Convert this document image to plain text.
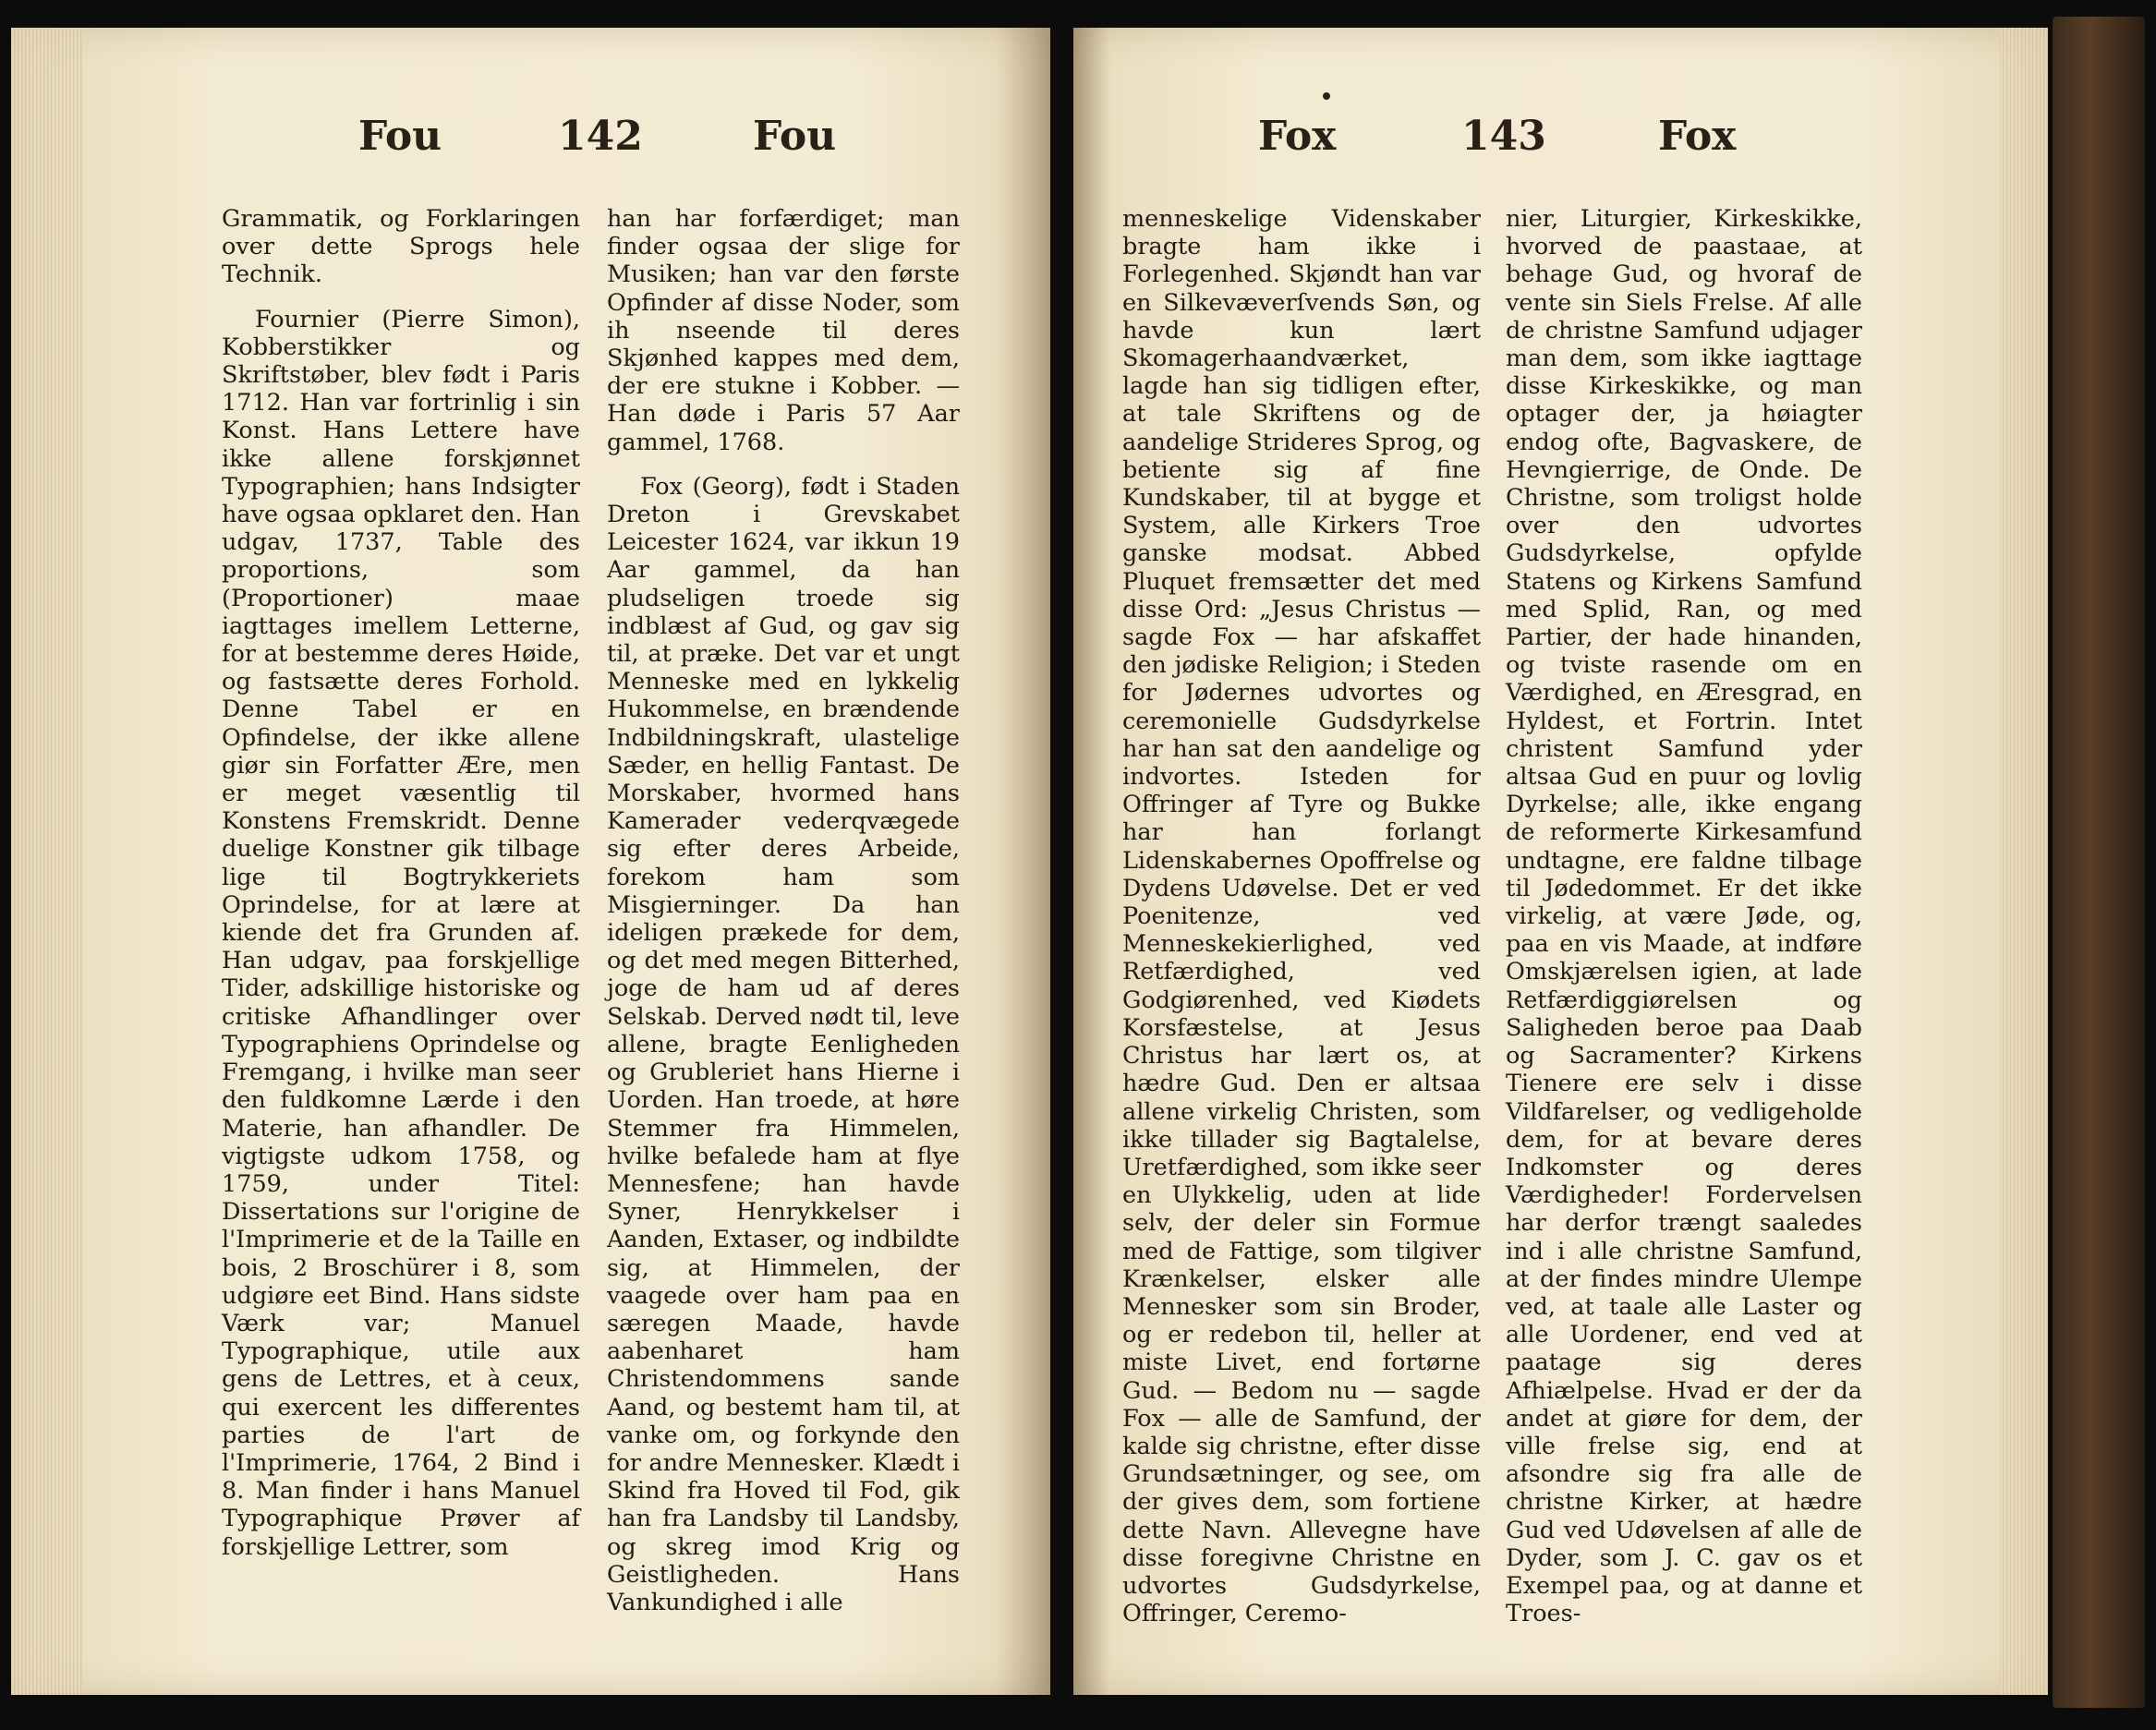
Fou	142	Fou	Fox	143	Fox

Grammatik, og Forklaringen over dette Sprogs hele Technik.

Fournier (Pierre Simon), Kobberstikker og Skriftstøber, blev født i Paris 1712. Han var fortrinlig i sin Konst. Hans Lettere have ikke allene forskjønnet Typographien; hans Indsigter have ogsaa opklaret den. Han udgav, 1737, Table des proportions, som (Proportioner) maae iagttages imellem Letterne, for at bestemme deres Høide, og fastsætte deres Forhold. Denne Tabel er en Opfindelse, der ikke allene giør sin Forfatter Ære, men er meget væsentlig til Konstens Fremskridt. Denne duelige Konstner gik tilbage lige til Bogtrykkeriets Oprindelse, for at lære at kiende det fra Grunden af. Han udgav, paa forskjellige Tider, adskillige historiske og critiske Afhandlinger over Typographiens Oprindelse og Fremgang, i hvilke man seer den fuldkomne Lærde i den Materie, han afhandler. De vigtigste udkom 1758, og 1759, under Titel: Dissertations sur l'origine de l'Imprimerie et de la Taille en bois, 2 Broschürer i 8, som udgiøre eet Bind. Hans sidste Værk var; Manuel Typographique, utile aux gens de Lettres, et à ceux, qui exercent les differentes parties de l'art de l'Imprimerie, 1764, 2 Bind i 8. Man finder i hans Manuel Typographique Prøver af forskjellige Lettrer, som

han har forfærdiget; man finder ogsaa der slige for Musiken; han var den første Opfinder af disse Noder, som ih nseende til deres Skjønhed kappes med dem, der ere stukne i Kobber. — Han døde i Paris 57 Aar gammel, 1768.

Fox (Georg), født i Staden Dreton i Grevskabet Leicester 1624, var ikkun 19 Aar gammel, da han pludseligen troede sig indblæst af Gud, og gav sig til, at præke. Det var et ungt Menneske med en lykkelig Hukommelse, en brændende Indbildningskraft, ulastelige Sæder, en hellig Fantast. De Morskaber, hvormed hans Kamerader vederqvægede sig efter deres Arbeide, forekom ham som Misgierninger. Da han ideligen prækede for dem, og det med megen Bitterhed, joge de ham ud af deres Selskab. Derved nødt til, leve allene, bragte Eenligheden og Grubleriet hans Hierne i Uorden. Han troede, at høre Stemmer fra Himmelen, hvilke befalede ham at flye Mennesfene; han havde Syner, Henrykkelser i Aanden, Extaser, og indbildte sig, at Himmelen, der vaagede over ham paa en særegen Maade, havde aabenharet ham Christendommens sande Aand, og bestemt ham til, at vanke om, og forkynde den for andre Mennesker. Klædt i Skind fra Hoved til Fod, gik han fra Landsby til Landsby, og skreg imod Krig og Geistligheden. Hans Vankundighed i alle

menneskelige Videnskaber bragte ham ikke i Forlegenhed. Skjøndt han var en Silkevæverſvends Søn, og havde kun lært Skomagerhaandværket, lagde han sig tidligen efter, at tale Skriftens og de aandelige Strideres Sprog, og betiente sig af fine Kundskaber, til at bygge et System, alle Kirkers Troe ganske modsat. Abbed Pluquet fremsætter det med disse Ord: „Jesus Christus — sagde Fox — har afskaffet den jødiske Religion; i Steden for Jødernes udvortes og ceremonielle Gudsdyrkelse har han sat den aandelige og indvortes. Isteden for Offringer af Tyre og Bukke har han forlangt Lidenskabernes Opoffrelse og Dydens Udøvelse. Det er ved Poenitenze, ved Menneskekierlighed, ved Retfærdighed, ved Godgiørenhed, ved Kiødets Korsfæstelse, at Jesus Christus har lært os, at hædre Gud. Den er altsaa allene virkelig Christen, som ikke tillader sig Bagtalelse, Uretfærdighed, som ikke seer en Ulykkelig, uden at lide selv, der deler sin Formue med de Fattige, som tilgiver Krænkelser, elsker alle Mennesker som sin Broder, og er redebon til, heller at miste Livet, end fortørne Gud. — Bedom nu — sagde Fox — alle de Samfund, der kalde sig christne, efter disse Grundsætninger, og see, om der gives dem, som fortiene dette Navn. Allevegne have disse foregivne Christne en udvortes Gudsdyrkelse, Offringer, Ceremo-

nier, Liturgier, Kirkeskikke, hvorved de paastaae, at behage Gud, og hvoraf de vente sin Siels Frelse. Af alle de christne Samfund udjager man dem, som ikke iagttage disse Kirkeskikke, og man optager der, ja høiagter endog ofte, Bagvaskere, de Hevngierrige, de Onde. De Christne, som troligst holde over den udvortes Gudsdyrkelse, opfylde Statens og Kirkens Samfund med Splid, Ran, og med Partier, der hade hinanden, og tviste rasende om en Værdighed, en Æresgrad, en Hyldest, et Fortrin. Intet christent Samfund yder altsaa Gud en puur og lovlig Dyrkelse; alle, ikke engang de reformerte Kirkesamfund undtagne, ere faldne tilbage til Jødedommet. Er det ikke virkelig, at være Jøde, og, paa en vis Maade, at indføre Omskjærelsen igien, at lade Retfærdiggiørelsen og Saligheden beroe paa Daab og Sacramenter? Kirkens Tienere ere selv i disse Vildfarelser, og vedligeholde dem, for at bevare deres Indkomster og deres Værdigheder! Fordervelsen har derfor trængt saaledes ind i alle christne Samfund, at der findes mindre Ulempe ved, at taale alle Laster og alle Uordener, end ved at paatage sig deres Afhiælpelse. Hvad er der da andet at giøre for dem, der ville frelse sig, end at afsondre sig fra alle de christne Kirker, at hædre Gud ved Udøvelsen af alle de Dyder, som J. C. gav os et Exempel paa, og at danne et Troes-
